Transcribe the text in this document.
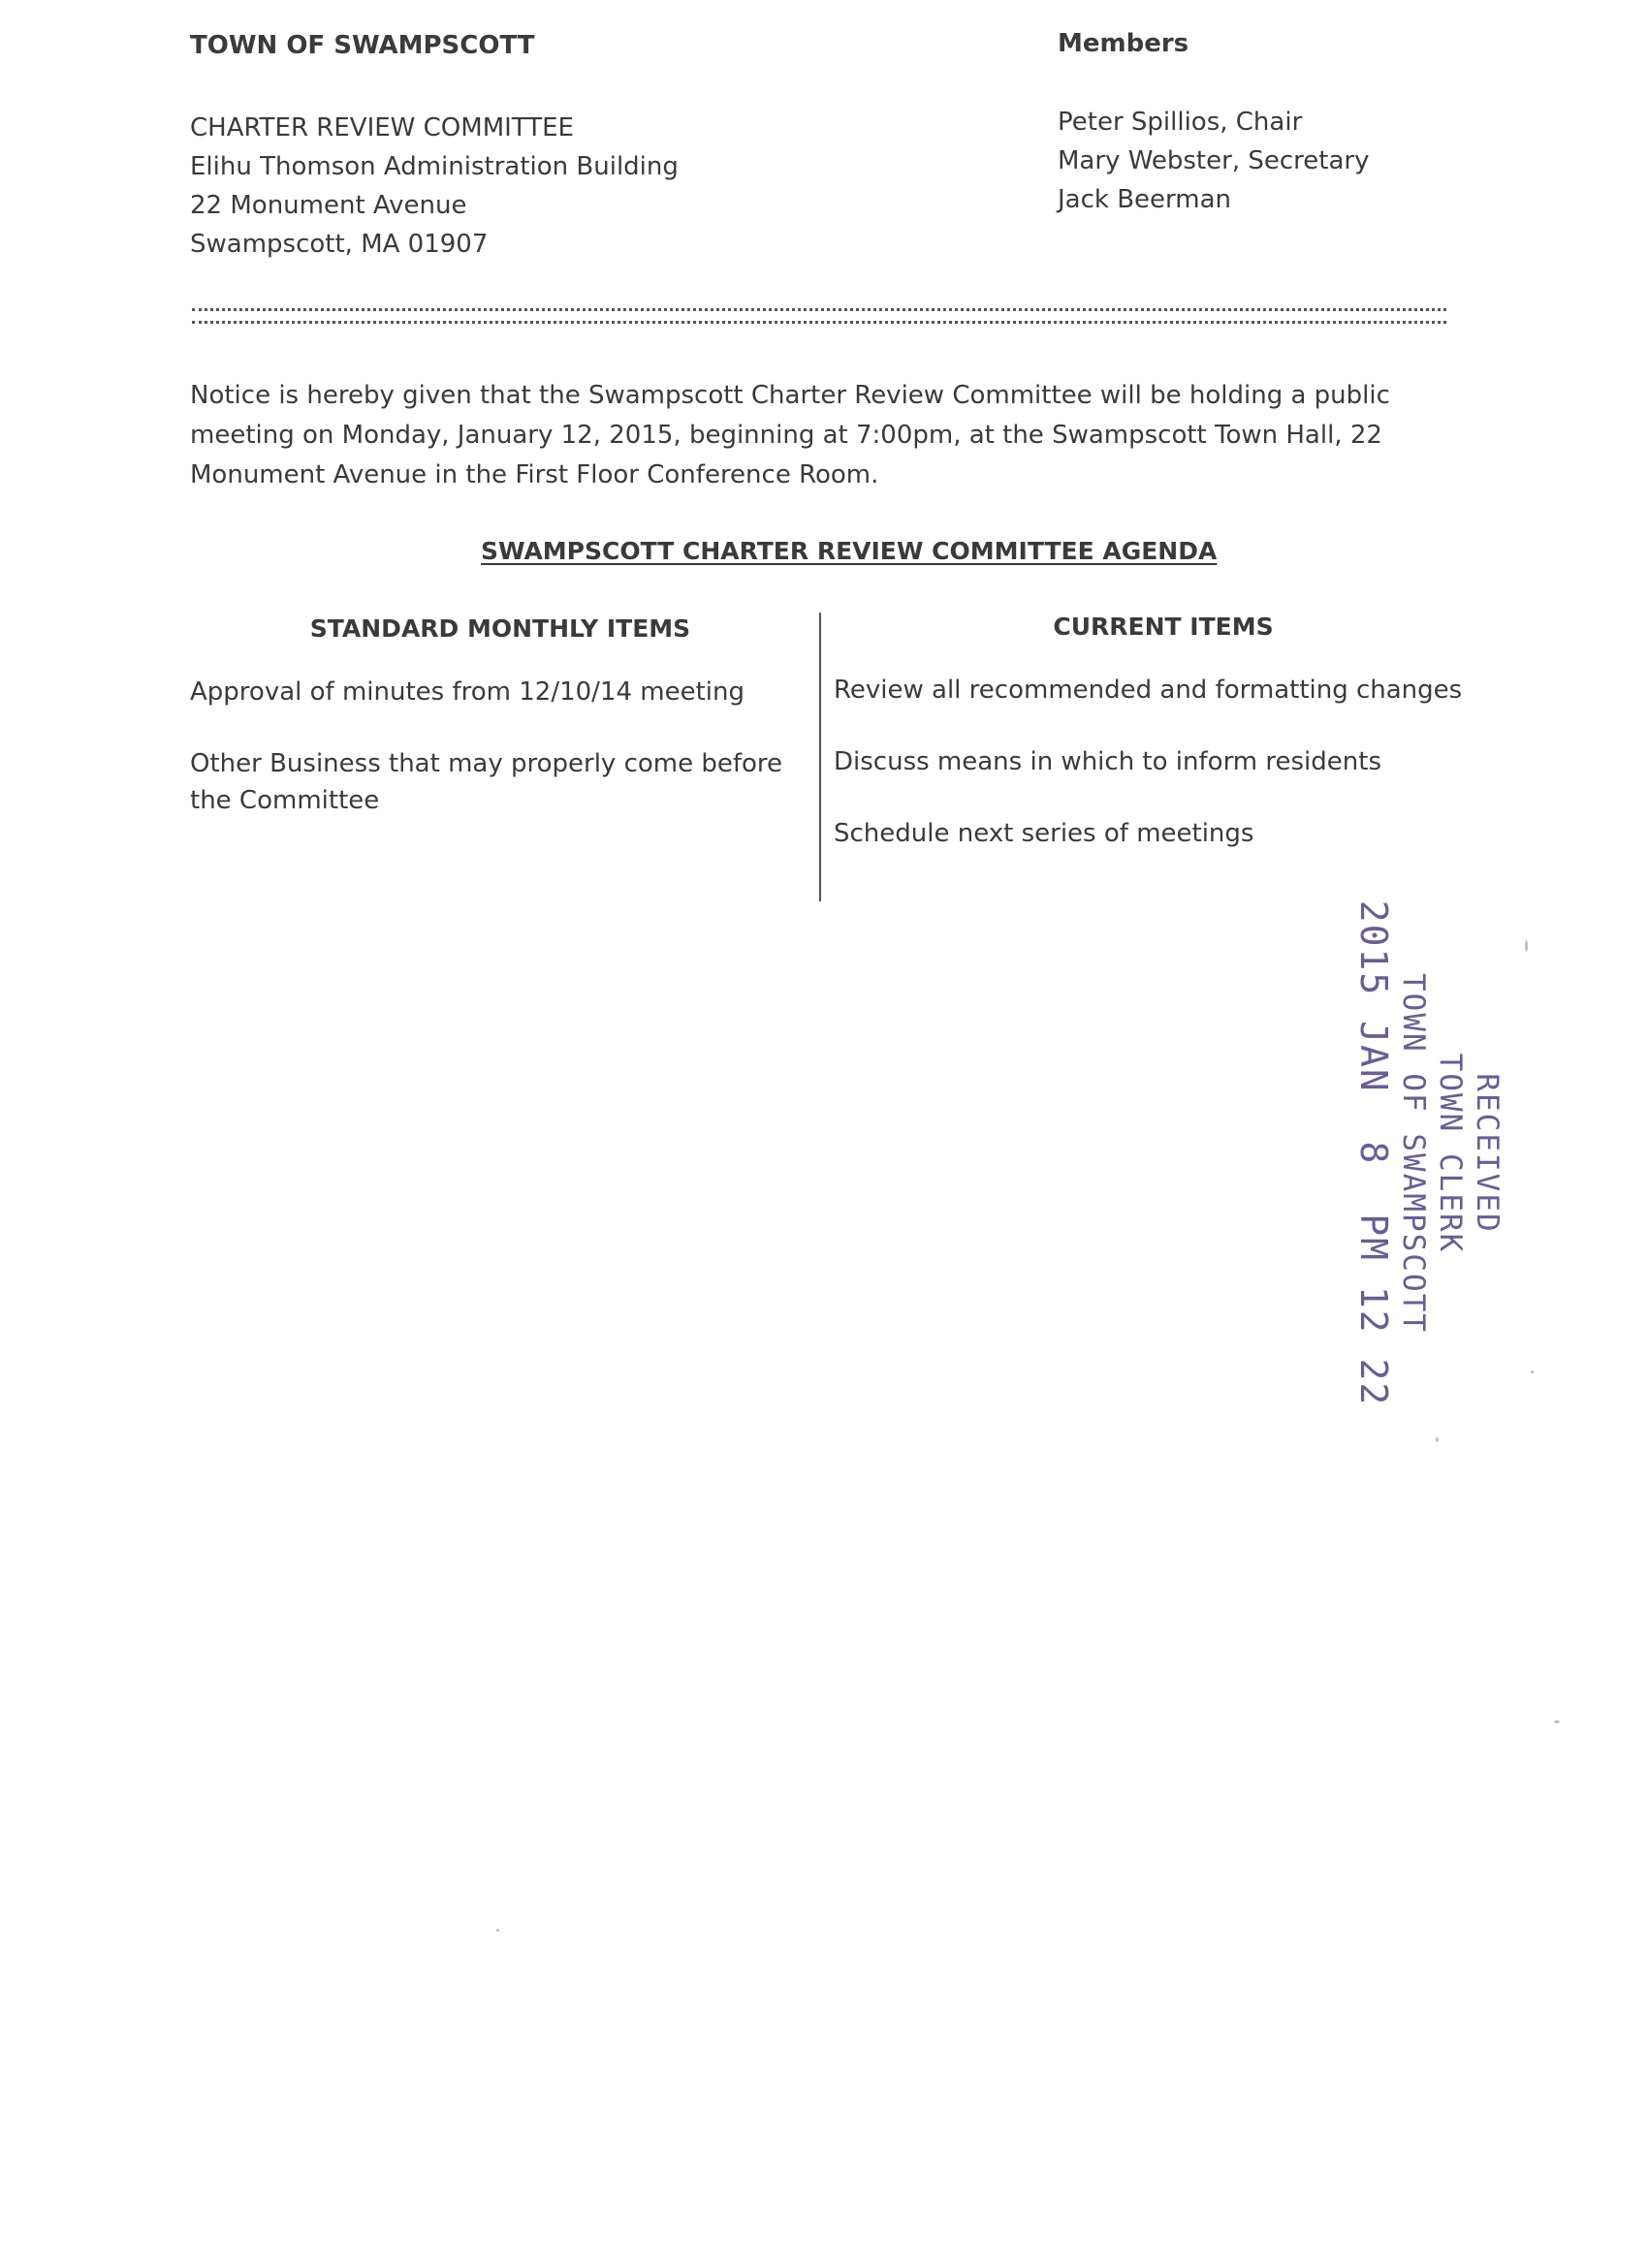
TOWN OF SWAMPSCOTT
CHARTER REVIEW COMMITTEE
Elihu Thomson Administration Building
22 Monument Avenue
Swampscott, MA 01907
Members
Peter Spillios, Chair
Mary Webster, Secretary
Jack Beerman
Notice is hereby given that the Swampscott Charter Review Committee will be holding a public meeting on Monday, January 12, 2015, beginning at 7:00pm, at the Swampscott Town Hall, 22 Monument Avenue in the First Floor Conference Room.
SWAMPSCOTT CHARTER REVIEW COMMITTEE AGENDA
STANDARD MONTHLY ITEMS
Approval of minutes from 12/10/14 meeting
Other Business that may properly come before the Committee
CURRENT ITEMS
Review all recommended and formatting changes
Discuss means in which to inform residents
Schedule next series of meetings
RECEIVED
TOWN CLERK
TOWN OF SWAMPSCOTT
2015 JAN  8  PM 12 22
